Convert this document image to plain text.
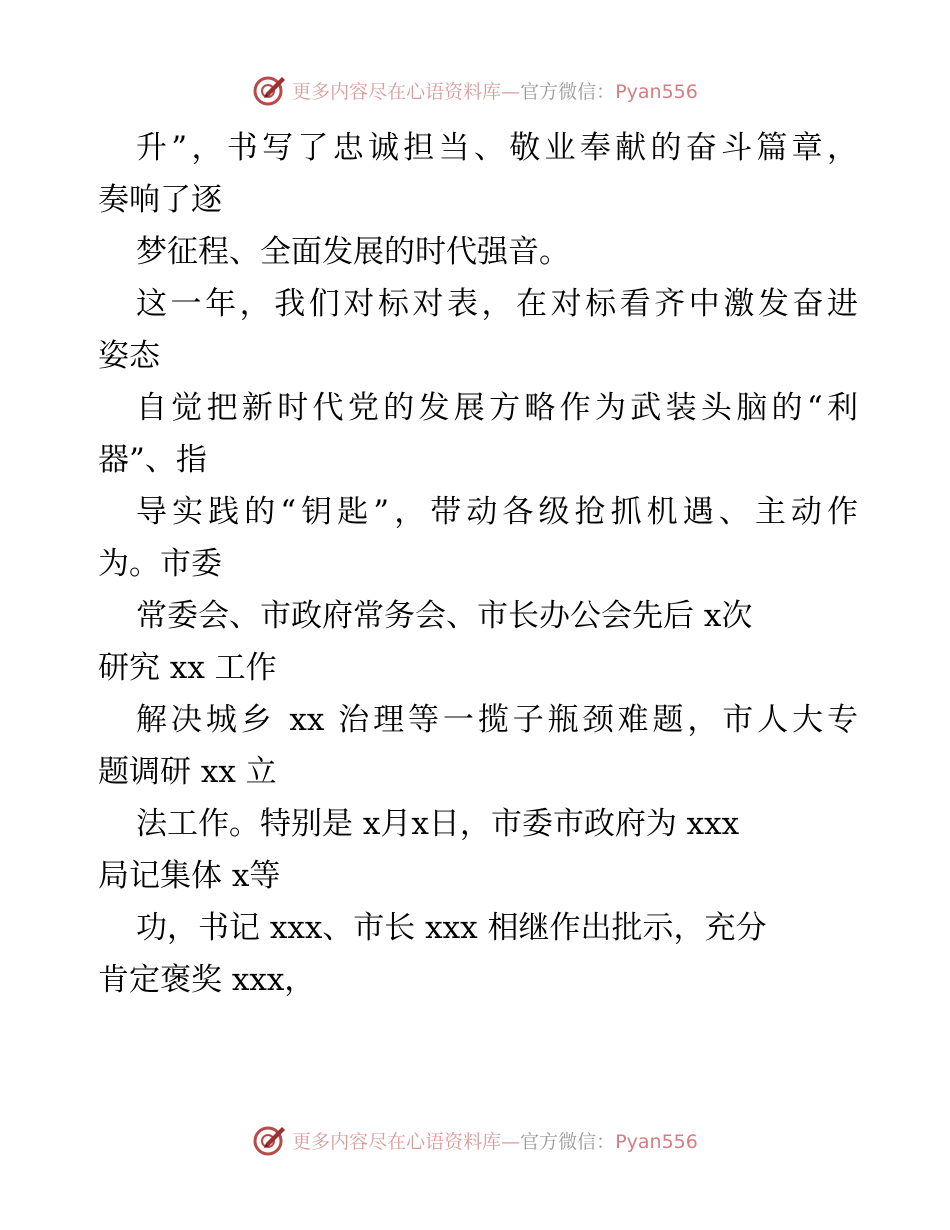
更多内容尽在心语资料库—官方微信：Pyan556
升”，书写了忠诚担当、敬业奉献的奋斗篇章，
奏响了逐
梦征程、全面发展的时代强音。
这一年，我们对标对表，在对标看齐中激发奋进
姿态
自觉把新时代党的发展方略作为武装头脑的“利
器”、指
导实践的“钥匙”，带动各级抢抓机遇、主动作
为。市委
常委会、市政府常务会、市长办公会先后 x次
研究 xx 工作
解决城乡 xx 治理等一揽子瓶颈难题，市人大专
题调研 xx 立
法工作。特别是 x月x日，市委市政府为 xxx
局记集体 x等
功，书记 xxx、市长 xxx 相继作出批示，充分
肯定褒奖 xxx，
更多内容尽在心语资料库—官方微信：Pyan556
